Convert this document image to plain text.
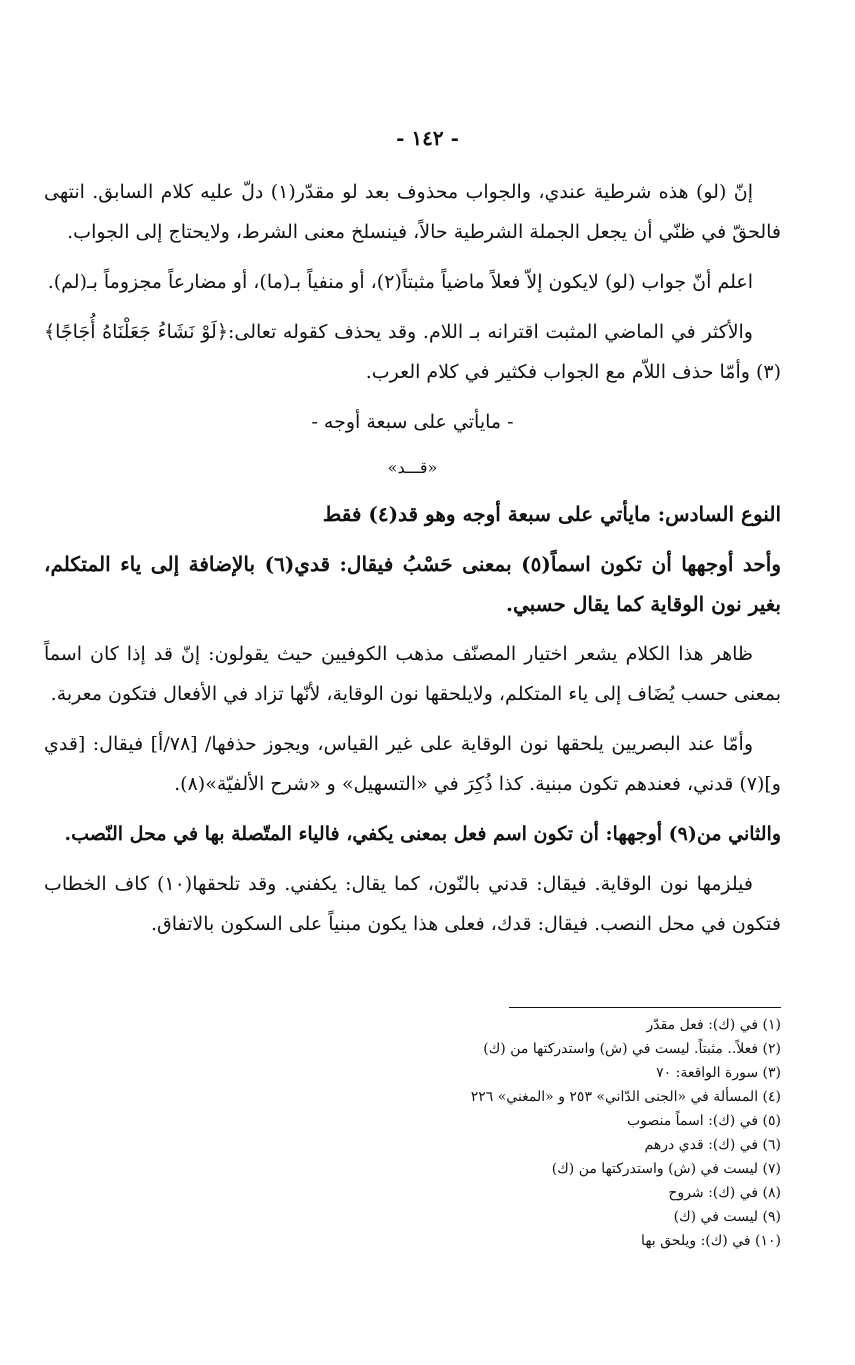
- ١٤٢ -

إنّ (لو) هذه شرطية عندي، والجواب محذوف بعد لو مقدّر(١) دلّ عليه كلام السابق. انتهى فالحقّ في ظنّي أن يجعل الجملة الشرطية حالاً، فينسلخ معنى الشرط، ولايحتاج إلى الجواب.

اعلم أنّ جواب (لو) لايكون إلاّ فعلاً ماضياً مثبتاً(٢)، أو منفياً بـ(ما)، أو مضارعاً مجزوماً بـ(لم).

والأكثر في الماضي المثبت اقترانه بـ اللام. وقد يحذف كقوله تعالى:﴿لَوْ نَشَاءُ جَعَلْنَاهُ أُجَاجًا﴾(٣) وأمّا حذف اللاّم مع الجواب فكثير في كلام العرب.

- مايأتي على سبعة أوجه -

«قـــد»

النوع السادس: مايأتي على سبعة أوجه وهو قد(٤) فقط

وأحد أوجهها أن تكون اسماً(٥) بمعنى حَسْبُ فيقال: قدي(٦) بالإضافة إلى ياء المتكلم، بغير نون الوقاية كما يقال حسبي.

ظاهر هذا الكلام يشعر اختيار المصنّف مذهب الكوفيين حيث يقولون: إنّ قد إذا كان اسماً بمعنى حسب يُضَاف إلى ياء المتكلم، ولايلحقها نون الوقاية، لأنّها تزاد في الأفعال فتكون معربة.

وأمّا عند البصريين يلحقها نون الوقاية على غير القياس، ويجوز حذفها/ [٧٨/أ] فيقال: [قدي و](٧) قدني، فعندهم تكون مبنية. كذا ذُكِرَ في «التسهيل» و «شرح الألفيّة»(٨).

والثاني من(٩) أوجهها: أن تكون اسم فعل بمعنى يكفي، فالياء المتّصلة بها في محل النّصب.

فيلزمها نون الوقاية. فيقال: قدني بالنّون، كما يقال: يكفني. وقد تلحقها(١٠) كاف الخطاب فتكون في محل النصب. فيقال: قدك، فعلى هذا يكون مبنياً على السكون بالاتفاق.

(١) في (ك): فعل مقدّر
(٢) فعلاً.. مثبتاً. ليست في (ش) واستدركتها من (ك)
(٣) سورة الواقعة: ٧٠
(٤) المسألة في «الجنى الدّاني» ٢٥٣ و «المغني» ٢٢٦
(٥) في (ك): اسماً منصوب
(٦) في (ك): قدي درهم
(٧) ليست في (ش) واستدركتها من (ك)
(٨) في (ك): شروح
(٩) ليست في (ك)
(١٠) في (ك): ويلحق بها
